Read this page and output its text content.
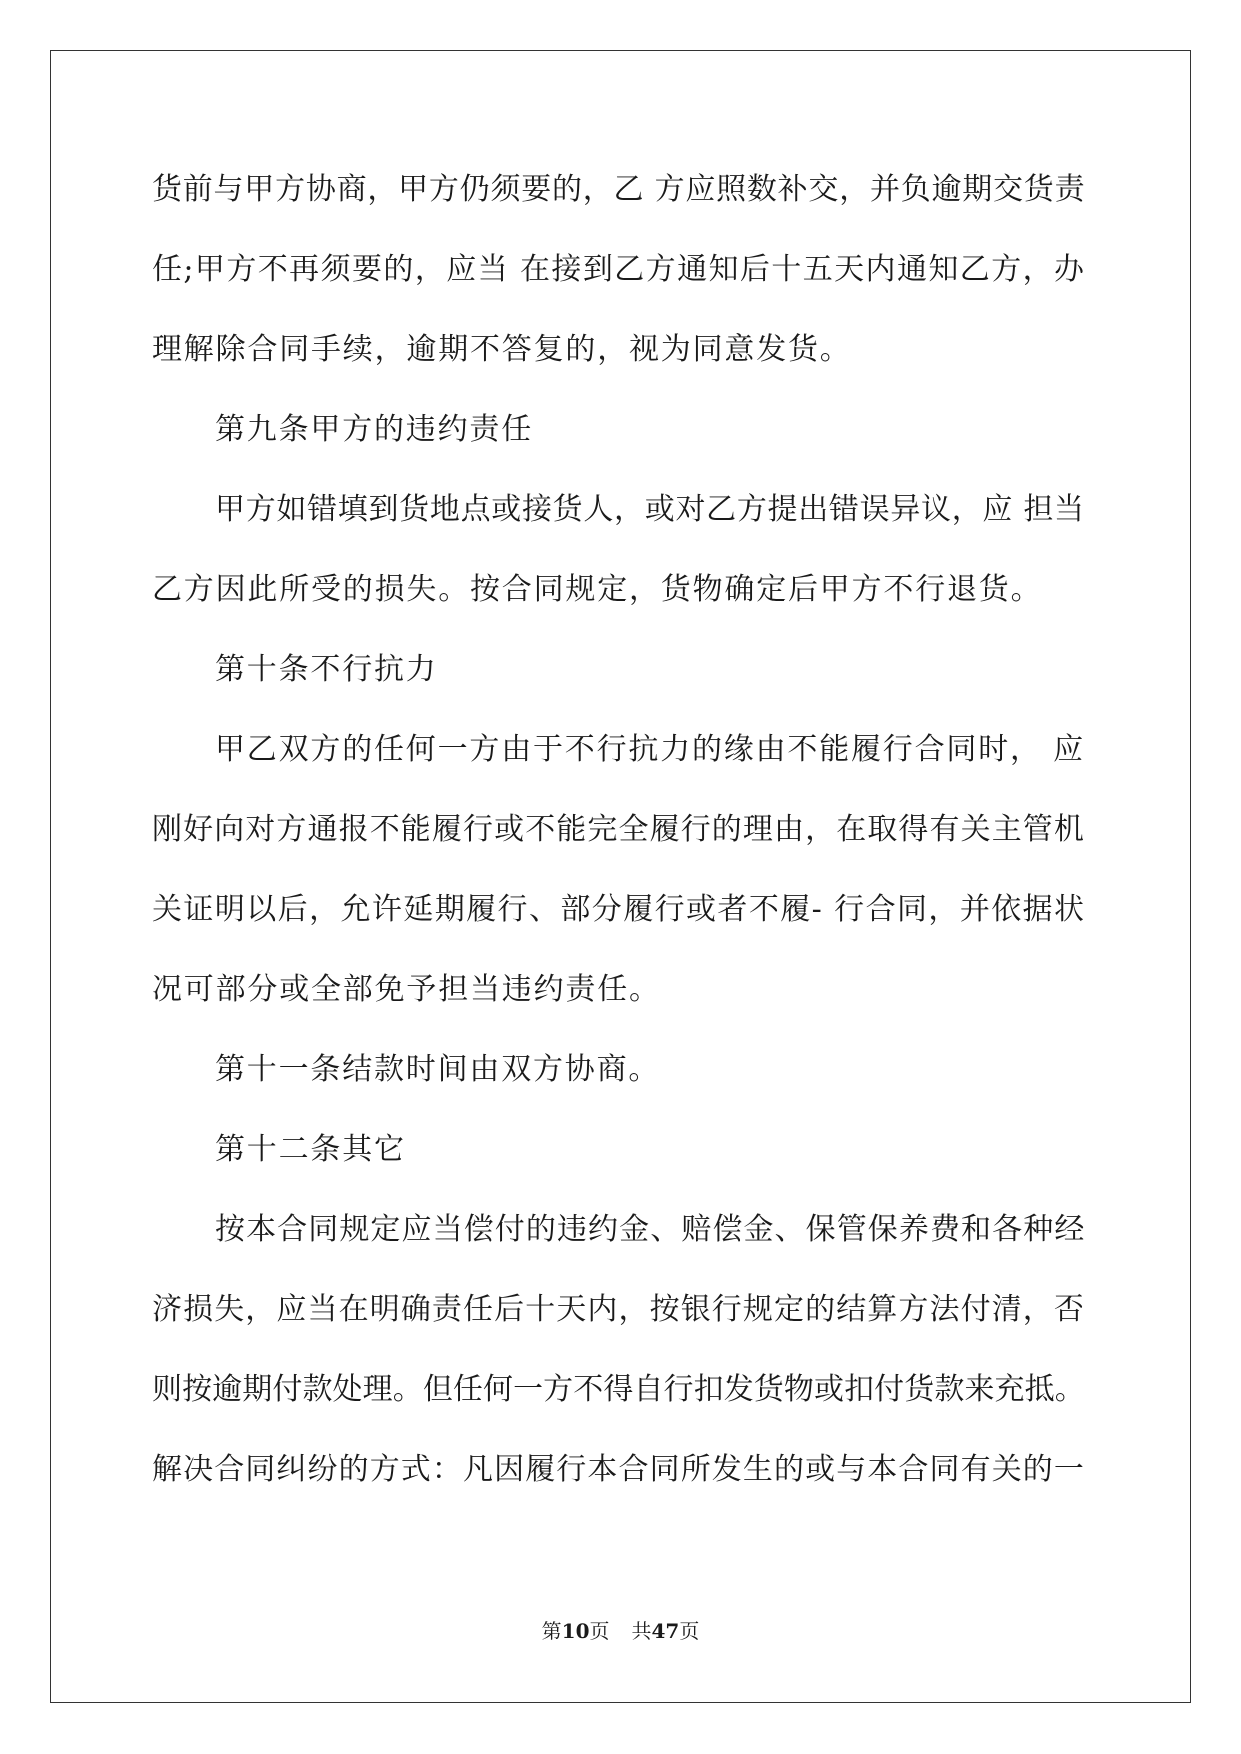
货前与甲方协商，甲方仍须要的，乙 方应照数补交，并负逾期交货责
任;甲方不再须要的，应当 在接到乙方通知后十五天内通知乙方，办
理解除合同手续，逾期不答复的，视为同意发货。
第九条甲方的违约责任
甲方如错填到货地点或接货人，或对乙方提出错误异议，应 担当
乙方因此所受的损失。按合同规定，货物确定后甲方不行退货。
第十条不行抗力
甲乙双方的任何一方由于不行抗力的缘由不能履行合同时， 应
刚好向对方通报不能履行或不能完全履行的理由，在取得有关主管机
关证明以后，允许延期履行、部分履行或者不履- 行合同，并依据状
况可部分或全部免予担当违约责任。
第十一条结款时间由双方协商。
第十二条其它
按本合同规定应当偿付的违约金、赔偿金、保管保养费和各种经
济损失，应当在明确责任后十天内，按银行规定的结算方法付清，否
则按逾期付款处理。但任何一方不得自行扣发货物或扣付货款来充抵。
解决合同纠纷的方式：凡因履行本合同所发生的或与本合同有关的一
第10页 共47页
